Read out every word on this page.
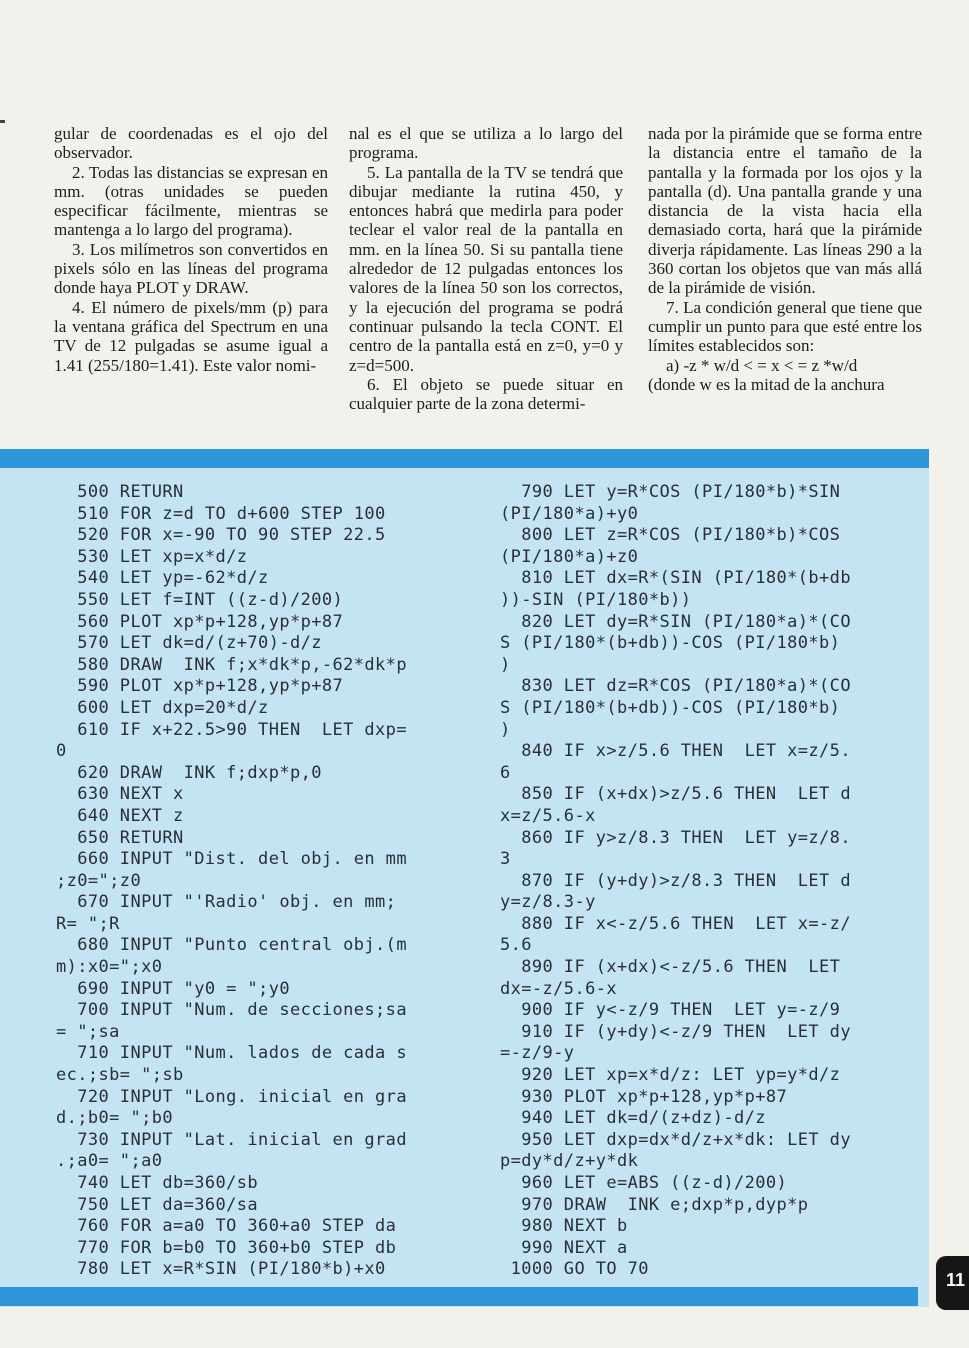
gular de coordenadas es el ojo del observador.

2. Todas las distancias se expresan en mm. (otras unidades se pueden especificar fácilmente, mientras se mantenga a lo largo del programa).

3. Los milímetros son convertidos en pixels sólo en las líneas del programa donde haya PLOT y DRAW.

4. El número de pixels/mm (p) para la ventana gráfica del Spectrum en una TV de 12 pulgadas se asume igual a 1.41 (255/180=1.41). Este valor nomi-

nal es el que se utiliza a lo largo del programa.

5. La pantalla de la TV se tendrá que dibujar mediante la rutina 450, y entonces habrá que medirla para poder teclear el valor real de la pantalla en mm. en la línea 50. Si su pantalla tiene alrededor de 12 pulgadas entonces los valores de la línea 50 son los correctos, y la ejecución del programa se podrá continuar pulsando la tecla CONT. El centro de la pantalla está en z=0, y=0 y z=d=500.

6. El objeto se puede situar en cualquier parte de la zona determi-

nada por la pirámide que se forma entre la distancia entre el tamaño de la pantalla y la formada por los ojos y la pantalla (d). Una pantalla grande y una distancia de la vista hacia ella demasiado corta, hará que la pirámide diverja rápidamente. Las líneas 290 a la 360 cortan los objetos que van más allá de la pirámide de visión.

7. La condición general que tiene que cumplir un punto para que esté entre los límites establecidos son:

a) -z * w/d < = x < = z *w/d

(donde w es la mitad de la anchura

500 RETURN
510 FOR z=d TO d+600 STEP 100
520 FOR x=-90 TO 90 STEP 22.5
530 LET xp=x*d/z
540 LET yp=-62*d/z
550 LET f=INT ((z-d)/200)
560 PLOT xp*p+128,yp*p+87
570 LET dk=d/(z+70)-d/z
580 DRAW  INK f;x*dk*p,-62*dk*p
590 PLOT xp*p+128,yp*p+87
600 LET dxp=20*d/z
610 IF x+22.5>90 THEN  LET dxp=
0
620 DRAW  INK f;dxp*p,0
630 NEXT x
640 NEXT z
650 RETURN
660 INPUT "Dist. del obj. en mm
;z0=";z0
670 INPUT "'Radio' obj. en mm;
R= ";R
680 INPUT "Punto central obj.(m
m):x0=";x0
690 INPUT "y0 = ";y0
700 INPUT "Num. de secciones;sa
= ";sa
710 INPUT "Num. lados de cada s
ec.;sb= ";sb
720 INPUT "Long. inicial en gra
d.;b0= ";b0
730 INPUT "Lat. inicial en grad
.;a0= ";a0
740 LET db=360/sb
750 LET da=360/sa
760 FOR a=a0 TO 360+a0 STEP da
770 FOR b=b0 TO 360+b0 STEP db
780 LET x=R*SIN (PI/180*b)+x0
790 LET y=R*COS (PI/180*b)*SIN
(PI/180*a)+y0
800 LET z=R*COS (PI/180*b)*COS
(PI/180*a)+z0
810 LET dx=R*(SIN (PI/180*(b+db
))-SIN (PI/180*b))
820 LET dy=R*SIN (PI/180*a)*(CO
S (PI/180*(b+db))-COS (PI/180*b)
)
830 LET dz=R*COS (PI/180*a)*(CO
S (PI/180*(b+db))-COS (PI/180*b)
)
840 IF x>z/5.6 THEN  LET x=z/5.
6
850 IF (x+dx)>z/5.6 THEN  LET d
x=z/5.6-x
860 IF y>z/8.3 THEN  LET y=z/8.
3
870 IF (y+dy)>z/8.3 THEN  LET d
y=z/8.3-y
880 IF x<-z/5.6 THEN  LET x=-z/
5.6
890 IF (x+dx)<-z/5.6 THEN  LET
dx=-z/5.6-x
900 IF y<-z/9 THEN  LET y=-z/9
910 IF (y+dy)<-z/9 THEN  LET dy
=-z/9-y
920 LET xp=x*d/z: LET yp=y*d/z
930 PLOT xp*p+128,yp*p+87
940 LET dk=d/(z+dz)-d/z
950 LET dxp=dx*d/z+x*dk: LET dy
p=dy*d/z+y*dk
960 LET e=ABS ((z-d)/200)
970 DRAW  INK e;dxp*p,dyp*p
980 NEXT b
990 NEXT a
1000 GO TO 70
11
